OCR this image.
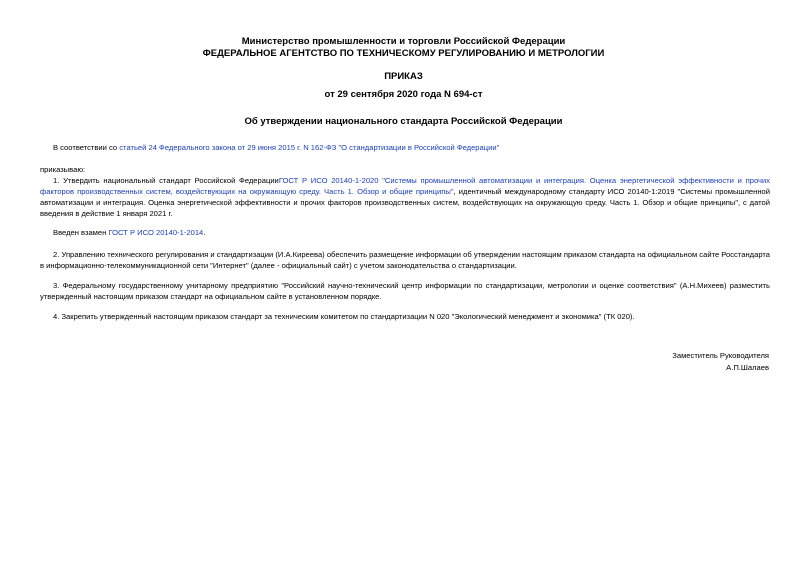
Министерство промышленности и торговли Российской Федерации
ФЕДЕРАЛЬНОЕ АГЕНТСТВО ПО ТЕХНИЧЕСКОМУ РЕГУЛИРОВАНИЮ И МЕТРОЛОГИИ
ПРИКАЗ
от 29 сентября 2020 года N 694-ст
Об утверждении национального стандарта Российской Федерации
В соответствии со статьей 24 Федерального закона от 29 июня 2015 г. N 162-ФЗ "О стандартизации в Российской Федерации"
приказываю:
1. Утвердить национальный стандарт Российской ФедерацииГОСТ Р ИСО 20140-1-2020 "Системы промышленной автоматизации и интеграция. Оценка энергетической эффективности и прочих факторов производственных систем, воздействующих на окружающую среду. Часть 1. Обзор и общие принципы", идентичный международному стандарту ИСО 20140-1:2019 "Системы промышленной автоматизации и интеграция. Оценка энергетической эффективности и прочих факторов производственных систем, воздействующих на окружающую среду. Часть 1. Обзор и общие принципы", с датой введения в действие 1 января 2021 г.
Введен взамен ГОСТ Р ИСО 20140-1-2014.
2. Управлению технического регулирования и стандартизации (И.А.Киреева) обеспечить размещение информации об утверждении настоящим приказом стандарта на официальном сайте Росстандарта в информационно-телекоммуникационной сети "Интернет" (далее - официальный сайт) с учетом законодательства о стандартизации.
3. Федеральному государственному унитарному предприятию "Российский научно-технический центр информации по стандартизации, метрологии и оценке соответствия" (А.Н.Михеев) разместить утвержденный настоящим приказом стандарт на официальном сайте в установленном порядке.
4. Закрепить утвержденный настоящим приказом стандарт за техническим комитетом по стандартизации N 020 "Экологический менеджмент и экономика" (ТК 020).
Заместитель Руководителя
А.П.Шалаев
